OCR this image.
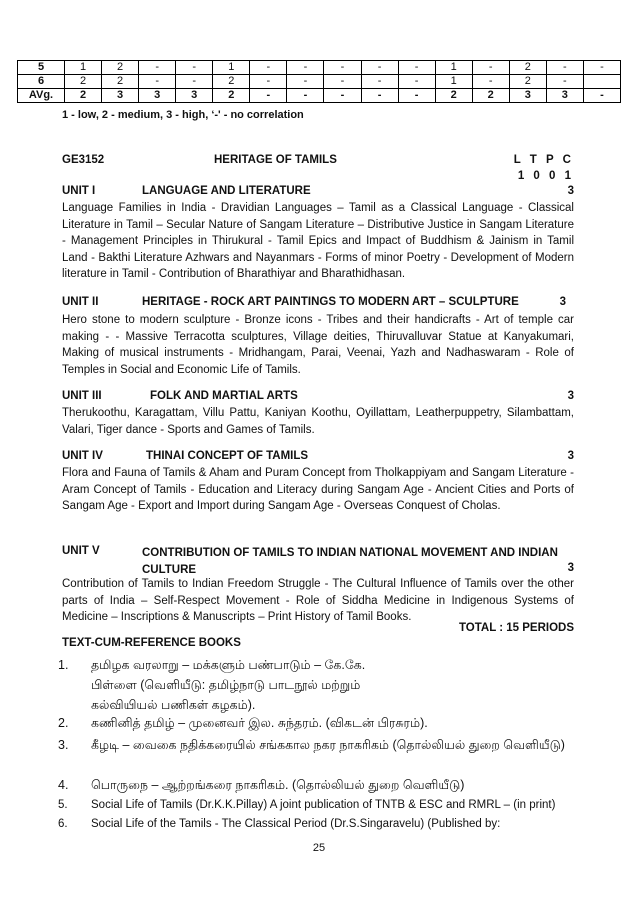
5	1	2	-	-	1	-	-	-	-	-	1	-	2	-	-
6	2	2	-	-	2	-	-	-	-	-	1	-	2	-	
AVg.	2	3	3	3	2	-	-	-	-	-	2	2	3	3	-
1 - low, 2 - medium, 3 - high, ‘-' - no correlation
GE3152	HERITAGE OF TAMILS	L T P C
1 0 0 1
UNIT I	LANGUAGE AND LITERATURE	3

Language Families in India - Dravidian Languages – Tamil as a Classical Language - Classical Literature in Tamil – Secular Nature of Sangam Literature – Distributive Justice in Sangam Literature - Management Principles in Thirukural - Tamil Epics and Impact of Buddhism & Jainism in Tamil Land - Bakthi Literature Azhwars and Nayanmars - Forms of minor Poetry - Development of Modern literature in Tamil - Contribution of Bharathiyar and Bharathidhasan.

UNIT II	HERITAGE - ROCK ART PAINTINGS TO MODERN ART – SCULPTURE	3

Hero stone to modern sculpture - Bronze icons - Tribes and their handicrafts - Art of temple car making - - Massive Terracotta sculptures, Village deities, Thiruvalluvar Statue at Kanyakumari, Making of musical instruments - Mridhangam, Parai, Veenai, Yazh and Nadhaswaram - Role of Temples in Social and Economic Life of Tamils.

UNIT III	FOLK AND MARTIAL ARTS	3

Therukoothu, Karagattam, Villu Pattu, Kaniyan Koothu, Oyillattam, Leatherpuppetry, Silambattam, Valari, Tiger dance - Sports and Games of Tamils.

UNIT IV	THINAI CONCEPT OF TAMILS	3

Flora and Fauna of Tamils & Aham and Puram Concept from Tholkappiyam and Sangam Literature - Aram Concept of Tamils - Education and Literacy during Sangam Age - Ancient Cities and Ports of Sangam Age - Export and Import during Sangam Age - Overseas Conquest of Cholas.

UNIT V	CONTRIBUTION OF TAMILS TO INDIAN NATIONAL MOVEMENT AND INDIAN CULTURE	3

Contribution of Tamils to Indian Freedom Struggle - The Cultural Influence of Tamils over the other parts of India – Self-Respect Movement - Role of Siddha Medicine in Indigenous Systems of Medicine – Inscriptions & Manuscripts – Print History of Tamil Books.

TOTAL : 15 PERIODS
TEXT-CUM-REFERENCE BOOKS
1. தமிழக வரலாறு – மக்களும் பண்பாடும் – கே.கே. பிள்ளை (வெளியீடு: தமிழ்நாடு பாடநூல் மற்றும் கல்வியியல் பணிகள் கழகம்).
2. கணினித் தமிழ் – முனைவர் இல. சுந்தரம். (விகடன் பிரசுரம்).
3. கீழடி – வைகை நதிக்கரையில் சங்ககால நகர நாகரிகம் (தொல்லியல் துறை வெளியீடு)
4. பொருநை – ஆற்றங்கரை நாகரிகம். (தொல்லியல் துறை வெளியீடு)
5. Social Life of Tamils (Dr.K.K.Pillay) A joint publication of TNTB & ESC and RMRL – (in print)
6. Social Life of the Tamils - The Classical Period (Dr.S.Singaravelu) (Published by:
25
